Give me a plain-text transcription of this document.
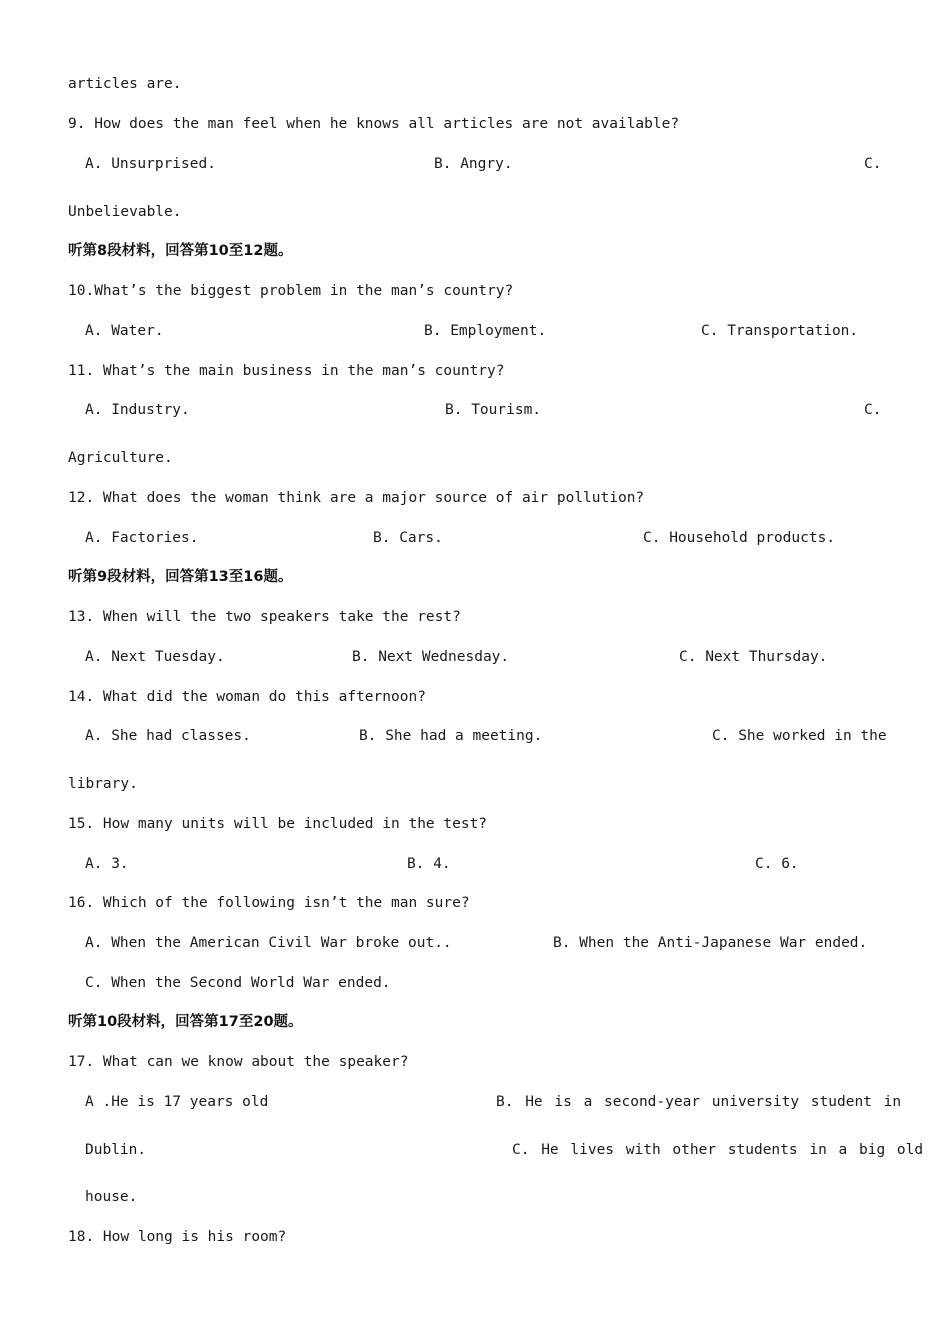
articles are.
9. How does the man feel when he knows all articles are not available?
A. Unsurprised.	B. Angry.	C.
Unbelievable.
听第8段材料，回答第10至12题。
10.What’s the biggest problem in the man’s country?
A. Water.	B. Employment.	C. Transportation.
11. What’s the main business in the man’s country?
A. Industry.	B. Tourism.	C.
Agriculture.
12. What does the woman think are a major source of air pollution?
A. Factories.	B. Cars.	C. Household products.
听第9段材料，回答第13至16题。
13. When will the two speakers take the rest?
A. Next Tuesday.	B. Next Wednesday.	C. Next Thursday.
14. What did the woman do this afternoon?
A. She had classes.	B. She had a meeting.	C. She worked in the
library.
15. How many units will be included in the test?
A. 3.	B. 4.	C. 6.
16. Which of the following isn’t the man sure?
A. When the American Civil War broke out..	B. When the Anti-Japanese War ended.
C. When the Second World War ended.
听第10段材料，回答第17至20题。
17. What can we know about the speaker?
A .He is 17 years old	B. He is a second-year university student in
Dublin.	C. He lives with other students in a big old
house.
18. How long is his room?
